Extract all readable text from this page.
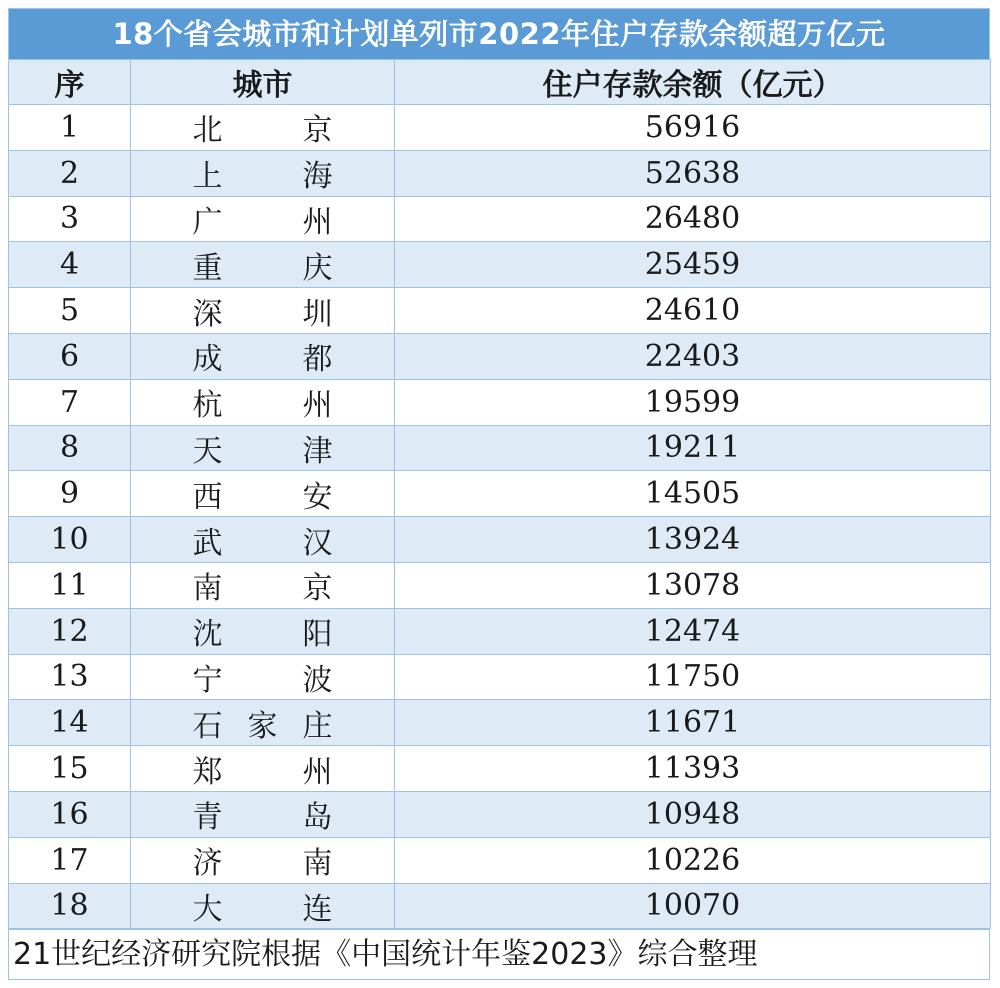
18个省会城市和计划单列市2022年住户存款余额超万亿元
序	城市	住户存款余额（亿元）
1	北 京	56916
2	上 海	52638
3	广 州	26480
4	重 庆	25459
5	深 圳	24610
6	成 都	22403
7	杭 州	19599
8	天 津	19211
9	西 安	14505
10	武 汉	13924
11	南 京	13078
12	沈 阳	12474
13	宁 波	11750
14	石 家 庄	11671
15	郑 州	11393
16	青 岛	10948
17	济 南	10226
18	大 连	10070
21世纪经济研究院根据《中国统计年鉴2023》综合整理
